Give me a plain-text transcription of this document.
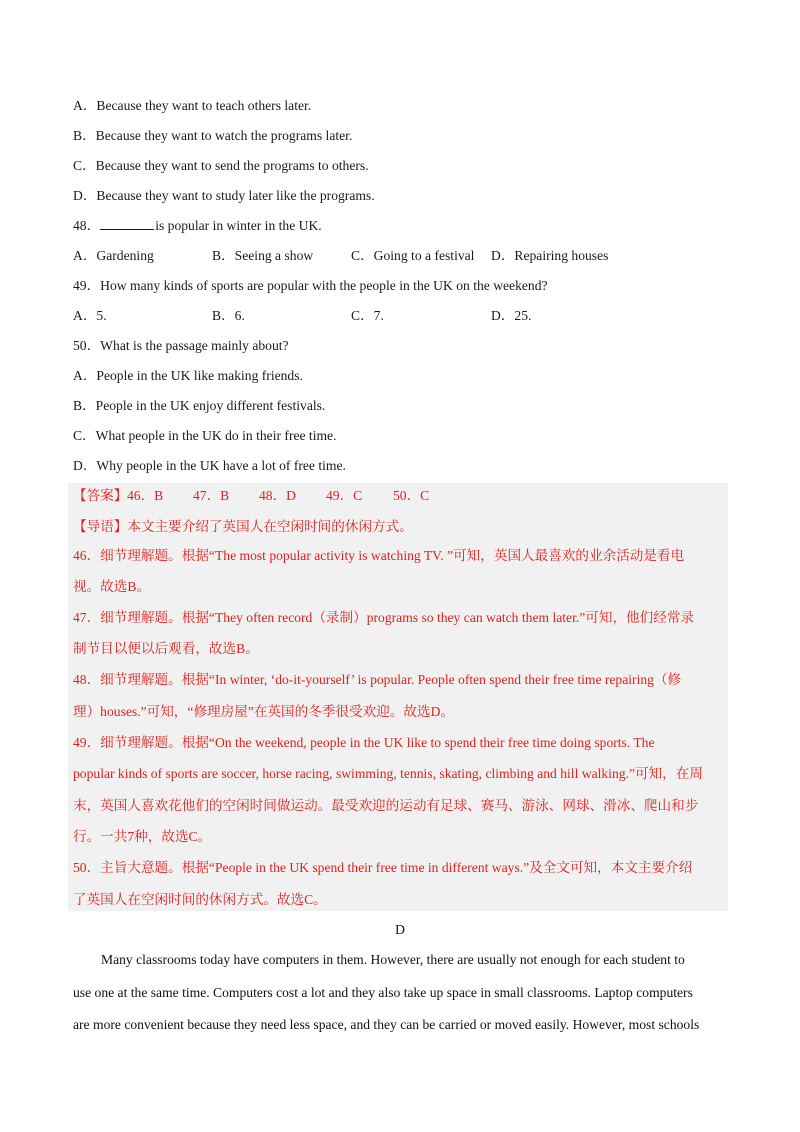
A．Because they want to teach others later.
B．Because they want to watch the programs later.
C．Because they want to send the programs to others.
D．Because they want to study later like the programs.
48．	is popular in winter in the UK.
A．Gardening	B．Seeing a show	C．Going to a festival D．Repairing houses
49．How many kinds of sports are popular with the people in the UK on the weekend?
A．5.	B．6.	C．7.	D．25.
50．What is the passage mainly about?
A．People in the UK like making friends.
B．People in the UK enjoy different festivals.
C．What people in the UK do in their free time.
D．Why people in the UK have a lot of free time.
【答案】 46．B 47．B 48．D 49．C 50．C
【导语】本文主要介绍了英国人在空闲时间的休闲方式。
46．细节理解题。根据“The most popular activity is watching TV. ”可知，英国人最喜欢的业余活动是看电
视。故选B。
47．细节理解题。根据“They often record（录制）programs so they can watch them later.”可知，他们经常录
制节目以便以后观看，故选B。
48．细节理解题。根据“In winter, ‘do-it-yourself’ is popular. People often spend their free time repairing（修
理）houses.”可知，“修理房屋”在英国的冬季很受欢迎。故选D。
49．细节理解题。根据“On the weekend, people in the UK like to spend their free time doing sports. The
popular kinds of sports are soccer, horse racing, swimming, tennis, skating, climbing and hill walking.”可知，在周
末，英国人喜欢花他们的空闲时间做运动。最受欢迎的运动有足球、赛马、游泳、网球、滑冰、爬山和步
行。一共7种，故选C。
50．主旨大意题。根据“People in the UK spend their free time in different ways.”及全文可知，本文主要介绍
了英国人在空闲时间的休闲方式。故选C。
D
Many classrooms today have computers in them. However, there are usually not enough for each student to
use one at the same time. Computers cost a lot and they also take up space in small classrooms. Laptop computers
are more convenient because they need less space, and they can be carried or moved easily. However, most schools
